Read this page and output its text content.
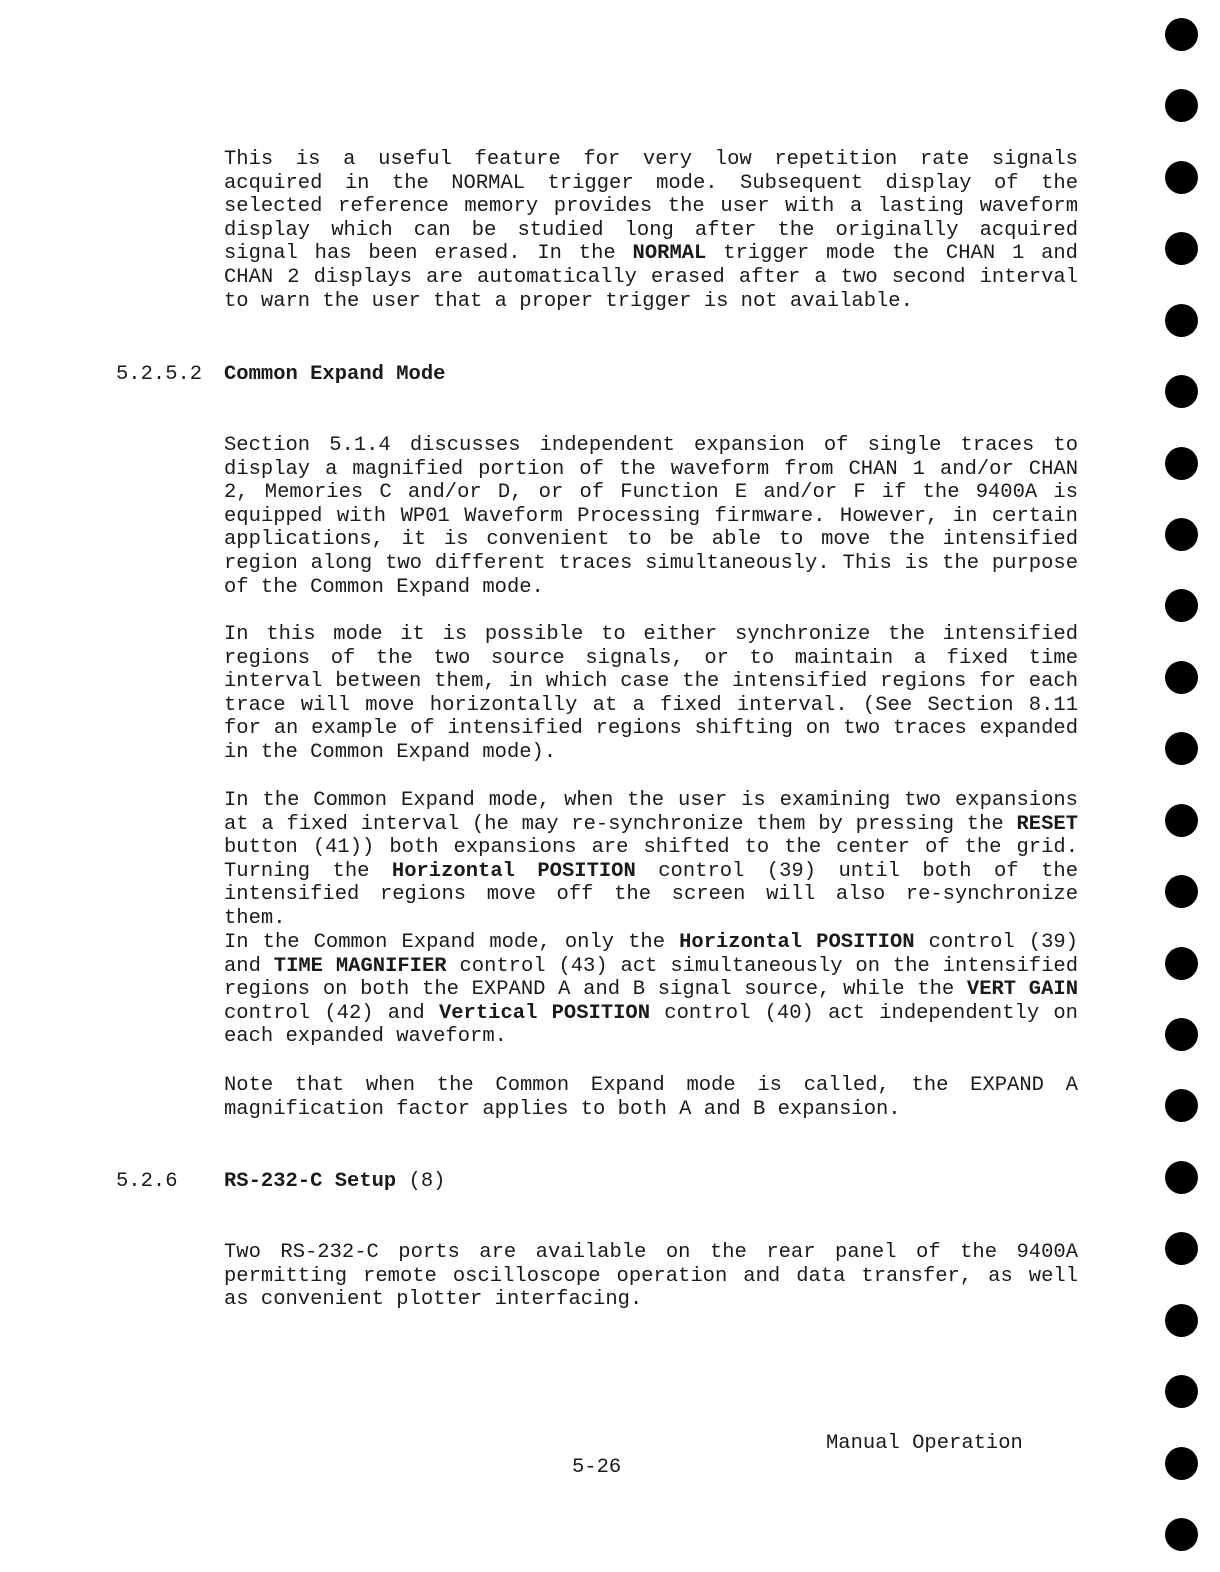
This is a useful feature for very low repetition rate signals acquired in the NORMAL trigger mode. Subsequent display of the selected reference memory provides the user with a lasting waveform display which can be studied long after the originally acquired signal has been erased. In the NORMAL trigger mode the CHAN 1 and CHAN 2 displays are automatically erased after a two second interval to warn the user that a proper trigger is not available.

5.2.5.2 Common Expand Mode

Section 5.1.4 discusses independent expansion of single traces to display a magnified portion of the waveform from CHAN 1 and/or CHAN 2, Memories C and/or D, or of Function E and/or F if the 9400A is equipped with WP01 Waveform Processing firmware. However, in certain applications, it is convenient to be able to move the intensified region along two different traces simultaneously. This is the purpose of the Common Expand mode.

In this mode it is possible to either synchronize the intensified regions of the two source signals, or to maintain a fixed time interval between them, in which case the intensified regions for each trace will move horizontally at a fixed interval. (See Section 8.11 for an example of intensified regions shifting on two traces expanded in the Common Expand mode).

In the Common Expand mode, when the user is examining two expansions at a fixed interval (he may re-synchronize them by pressing the RESET button (41)) both expansions are shifted to the center of the grid. Turning the Horizontal POSITION control (39) until both of the intensified regions move off the screen will also re-synchronize them.

In the Common Expand mode, only the Horizontal POSITION control (39) and TIME MAGNIFIER control (43) act simultaneously on the intensified regions on both the EXPAND A and B signal source, while the VERT GAIN control (42) and Vertical POSITION control (40) act independently on each expanded waveform.

Note that when the Common Expand mode is called, the EXPAND A magnification factor applies to both A and B expansion.

5.2.6 RS-232-C Setup (8)

Two RS-232-C ports are available on the rear panel of the 9400A permitting remote oscilloscope operation and data transfer, as well as convenient plotter interfacing.

Manual Operation
5-26
